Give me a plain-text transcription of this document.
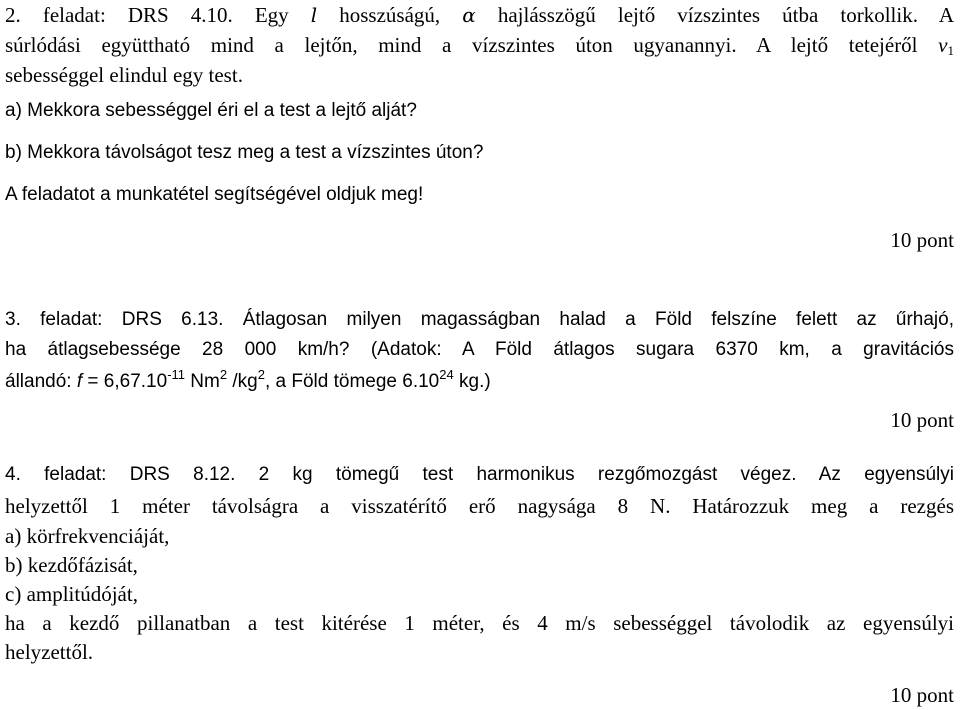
2. feladat: DRS 4.10. Egy l hosszúságú, α hajlásszögű lejtő vízszintes útba torkollik. A
súrlódási együttható mind a lejtőn, mind a vízszintes úton ugyanannyi. A lejtő tetejéről $v_1$
sebességgel elindul egy test.
a) Mekkora sebességgel éri el a test a lejtő alját?
b) Mekkora távolságot tesz meg a test a vízszintes úton?
A feladatot a munkatétel segítségével oldjuk meg!
10 pont
3. feladat: DRS 6.13. Átlagosan milyen magasságban halad a Föld felszíne felett az űrhajó,
ha átlagsebessége 28 000 km/h? (Adatok: A Föld átlagos sugara 6370 km, a gravitációs
állandó: $f = 6,67.10^{-11}$ Nm$^2$ $/kg^2$, a Föld tömege 6.10$^{24}$ kg.)
10 pont
4. feladat: DRS 8.12. 2 kg tömegű test harmonikus rezgőmozgást végez. Az egyensúlyi
helyzettől 1 méter távolságra a visszatérítő erő nagysága 8 N. Határozzuk meg a rezgés
a) körfrekvenciáját,
b) kezdőfázisát,
c) amplitúdóját,
ha a kezdő pillanatban a test kitérése 1 méter, és 4 m/s sebességgel távolodik az egyensúlyi
helyzettől.
10 pont
